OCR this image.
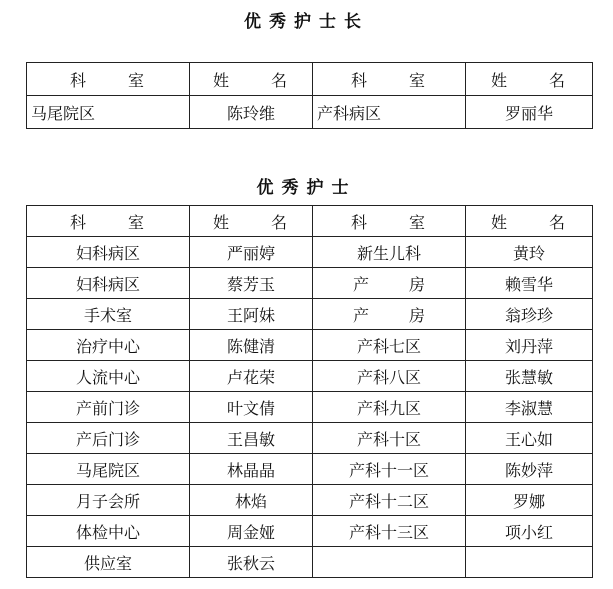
优秀护士长
科 室	姓 名	科 室	姓 名
马尾院区	陈玲维	产科病区	罗丽华
优秀护士
科 室	姓 名	科 室	姓 名
妇科病区	严丽婷	新生儿科	黄玲
妇科病区	蔡芳玉	产 房	赖雪华
手术室	王阿妹	产 房	翁珍珍
治疗中心	陈健清	产科七区	刘丹萍
人流中心	卢花荣	产科八区	张慧敏
产前门诊	叶文倩	产科九区	李淑慧
产后门诊	王昌敏	产科十区	王心如
马尾院区	林晶晶	产科十一区	陈妙萍
月子会所	林焰	产科十二区	罗娜
体检中心	周金娅	产科十三区	项小红
供应室	张秋云		
